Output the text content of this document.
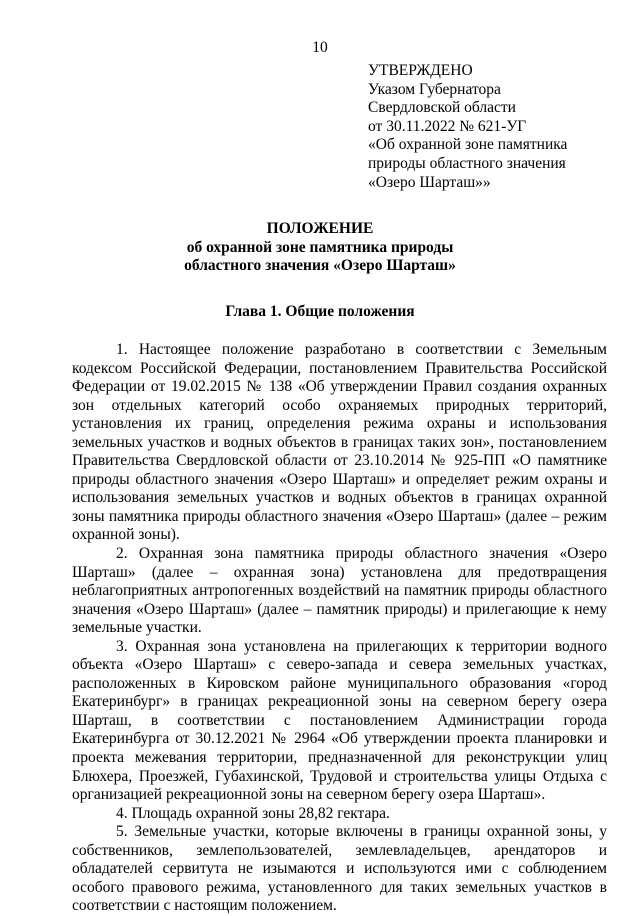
10
УТВЕРЖДЕНО
Указом Губернатора
Свердловской области
от 30.11.2022 № 621-УГ
«Об охранной зоне памятника
природы областного значения
«Озеро Шарташ»»
ПОЛОЖЕНИЕ
об охранной зоне памятника природы
областного значения «Озеро Шарташ»
Глава 1. Общие положения

1. Настоящее положение разработано в соответствии с Земельным кодексом Российской Федерации, постановлением Правительства Российской Федерации от 19.02.2015 № 138 «Об утверждении Правил создания охранных зон отдельных категорий особо охраняемых природных территорий, установления их границ, определения режима охраны и использования земельных участков и водных объектов в границах таких зон», постановлением Правительства Свердловской области от 23.10.2014 № 925-ПП «О памятнике природы областного значения «Озеро Шарташ» и определяет режим охраны и использования земельных участков и водных объектов в границах охранной зоны памятника природы областного значения «Озеро Шарташ» (далее – режим охранной зоны).

2. Охранная зона памятника природы областного значения «Озеро Шарташ» (далее – охранная зона) установлена для предотвращения неблагоприятных антропогенных воздействий на памятник природы областного значения «Озеро Шарташ» (далее – памятник природы) и прилегающие к нему земельные участки.

3. Охранная зона установлена на прилегающих к территории водного объекта «Озеро Шарташ» с северо-запада и севера земельных участках, расположенных в Кировском районе муниципального образования «город Екатеринбург» в границах рекреационной зоны на северном берегу озера Шарташ, в соответствии с постановлением Администрации города Екатеринбурга от 30.12.2021 № 2964 «Об утверждении проекта планировки и проекта межевания территории, предназначенной для реконструкции улиц Блюхера, Проезжей, Губахинской, Трудовой и строительства улицы Отдыха с организацией рекреационной зоны на северном берегу озера Шарташ».

4. Площадь охранной зоны 28,82 гектара.

5. Земельные участки, которые включены в границы охранной зоны, у собственников, землепользователей, землевладельцев, арендаторов и обладателей сервитута не изымаются и используются ими с соблюдением особого правового режима, установленного для таких земельных участков в соответствии с настоящим положением.
